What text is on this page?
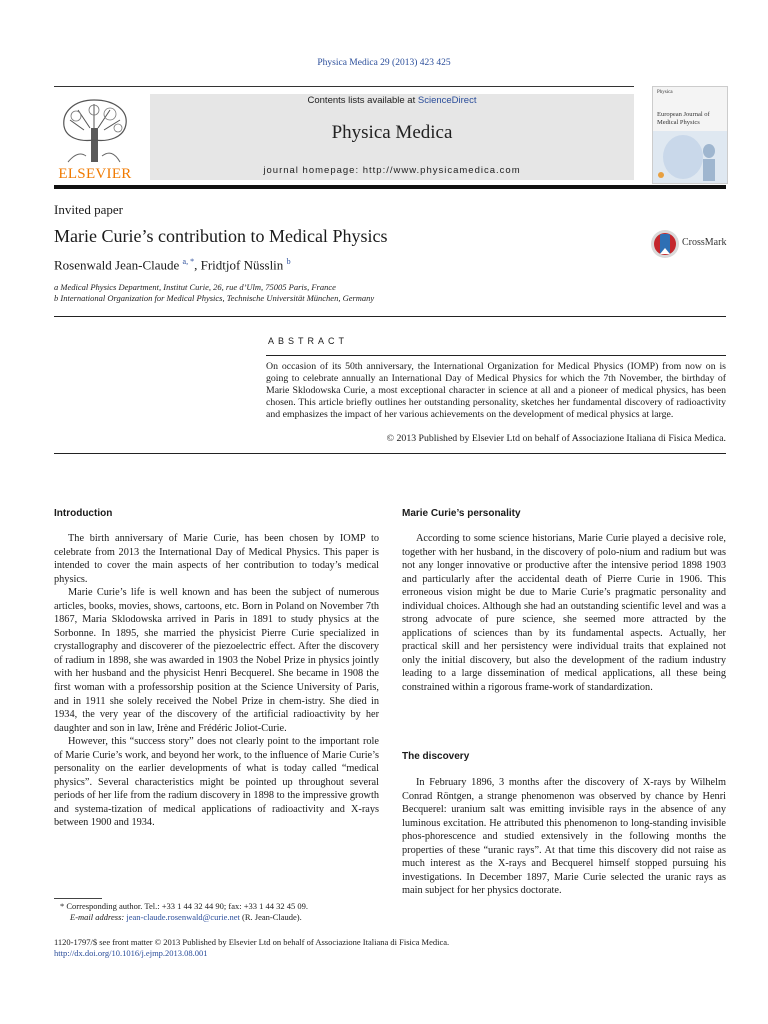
Physica Medica 29 (2013) 423 425
ELSEVIER
Contents lists available at ScienceDirect
Physica Medica
journal homepage: http://www.physicamedica.com
Physica
European Journal of Medical Physics
Invited paper
Marie Curie’s contribution to Medical Physics	CrossMark
Rosenwald Jean-Claude $^{a, *}$, Fridtjof Nüsslin $^b$
a Medical Physics Department, Institut Curie, 26, rue d’Ulm, 75005 Paris, France
b International Organization for Medical Physics, Technische Universität München, Germany
ABSTRACT
On occasion of its 50th anniversary, the International Organization for Medical Physics (IOMP) from now on is going to celebrate annually an International Day of Medical Physics for which the 7th November, the birthday of Marie Sklodowska Curie, a most exceptional character in science at all and a pioneer of medical physics, has been chosen. This article briefly outlines her outstanding personality, sketches her fundamental discovery of radioactivity and emphasizes the impact of her various achievements on the development of medical physics at large.
© 2013 Published by Elsevier Ltd on behalf of Associazione Italiana di Fisica Medica.
Introduction

The birth anniversary of Marie Curie, has been chosen by IOMP to celebrate from 2013 the International Day of Medical Physics. This paper is intended to cover the main aspects of her contribution to today’s medical physics.

Marie Curie’s life is well known and has been the subject of numerous articles, books, movies, shows, cartoons, etc. Born in Poland on November 7th 1867, Maria Sklodowska arrived in Paris in 1891 to study physics at the Sorbonne. In 1895, she married the physicist Pierre Curie specialized in crystallography and discoverer of the piezoelectric effect. After the discovery of radium in 1898, she was awarded in 1903 the Nobel Prize in physics jointly with her husband and the physicist Henri Becquerel. She became in 1908 the first woman with a professorship position at the Science University of Paris, and in 1911 she solely received the Nobel Prize in chem-istry. She died in 1934, the very year of the discovery of the artificial radioactivity by her daughter and son in law, Irène and Frédéric Joliot-Curie.

However, this “success story” does not clearly point to the important role of Marie Curie’s work, and beyond her work, to the influence of Marie Curie’s personality on the earlier developments of what is today called “medical physics”. Several characteristics might be pointed up throughout several periods of her life from the radium discovery in 1898 to the impressive growth and systema-tization of medical applications of radioactivity and X-rays between 1900 and 1934.

Marie Curie’s personality

According to some science historians, Marie Curie played a decisive role, together with her husband, in the discovery of polo-nium and radium but was not any longer innovative or productive after the intensive period 1898 1903 and particularly after the accidental death of Pierre Curie in 1906. This erroneous vision might be due to Marie Curie’s pragmatic personality and individual choices. Although she had an outstanding scientific level and was a strong advocate of pure science, she seemed more attracted by the applications of sciences than by its fundamental aspects. Actually, her practical skill and her persistency were individual traits that explained not only the initial discovery, but also the development of the radium industry leading to a large dissemination of medical applications, all these being constrained within a rigorous frame-work of standardization.

The discovery

In February 1896, 3 months after the discovery of X-rays by Wilhelm Conrad Röntgen, a strange phenomenon was observed by chance by Henri Becquerel: uranium salt was emitting invisible rays in the absence of any luminous excitation. He attributed this phenomenon to long-standing invisible phos-phorescence and studied extensively in the following months the properties of these “uranic rays”. At that time this discovery did not raise as much interest as the X-rays and Becquerel himself stopped pursuing his investigations. In December 1897, Marie Curie selected the uranic rays as main subject for her physics doctorate.

* Corresponding author. Tel.: +33 1 44 32 44 90; fax: +33 1 44 32 45 09.
E-mail address: jean-claude.rosenwald@curie.net (R. Jean-Claude).
1120-1797/$ see front matter © 2013 Published by Elsevier Ltd on behalf of Associazione Italiana di Fisica Medica.
http://dx.doi.org/10.1016/j.ejmp.2013.08.001
